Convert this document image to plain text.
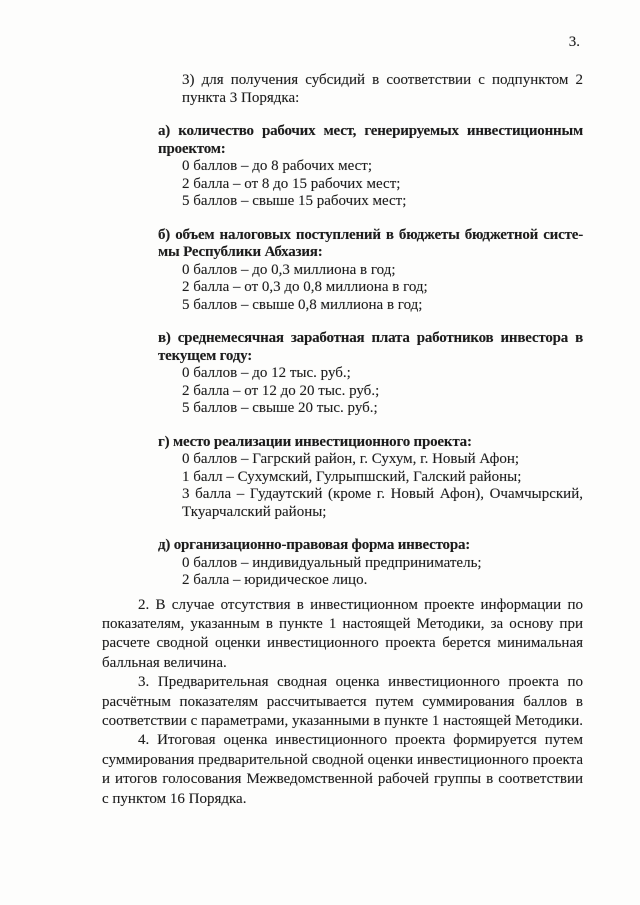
3.
3) для получения субсидий в соответствии с подпунктом 2
пункта 3 Порядка:
а) количество рабочих мест, генерируемых инвестиционным
проектом:
0 баллов – до 8 рабочих мест;
2 балла – от 8 до 15 рабочих мест;
5 баллов – свыше 15 рабочих мест;
б) объем налоговых поступлений в бюджеты бюджетной систе-
мы Республики Абхазия:
0 баллов – до 0,3 миллиона в год;
2 балла – от 0,3 до 0,8 миллиона в год;
5 баллов – свыше 0,8 миллиона в год;
в) среднемесячная заработная плата работников инвестора в
текущем году:
0 баллов – до 12 тыс. руб.;
2 балла – от 12 до 20 тыс. руб.;
5 баллов – свыше 20 тыс. руб.;
г) место реализации инвестиционного проекта:
0 баллов – Гагрский район, г. Сухум, г. Новый Афон;
1 балл – Сухумский, Гулрыпшский, Галский районы;
3 балла – Гудаутский (кроме г. Новый Афон), Очамчырский,
Ткуарчалский районы;
д) организационно-правовая форма инвестора:
0 баллов – индивидуальный предприниматель;
2 балла – юридическое лицо.
2. В случае отсутствия в инвестиционном проекте информации по
показателям, указанным в пункте 1 настоящей Методики, за основу при
расчете сводной оценки инвестиционного проекта берется минимальная
балльная величина.
3. Предварительная сводная оценка инвестиционного проекта по
расчётным показателям рассчитывается путем суммирования баллов в
соответствии с параметрами, указанными в пункте 1 настоящей Методики.
4. Итоговая оценка инвестиционного проекта формируется путем
суммирования предварительной сводной оценки инвестиционного проекта
и итогов голосования Межведомственной рабочей группы в соответствии
с пунктом 16 Порядка.
